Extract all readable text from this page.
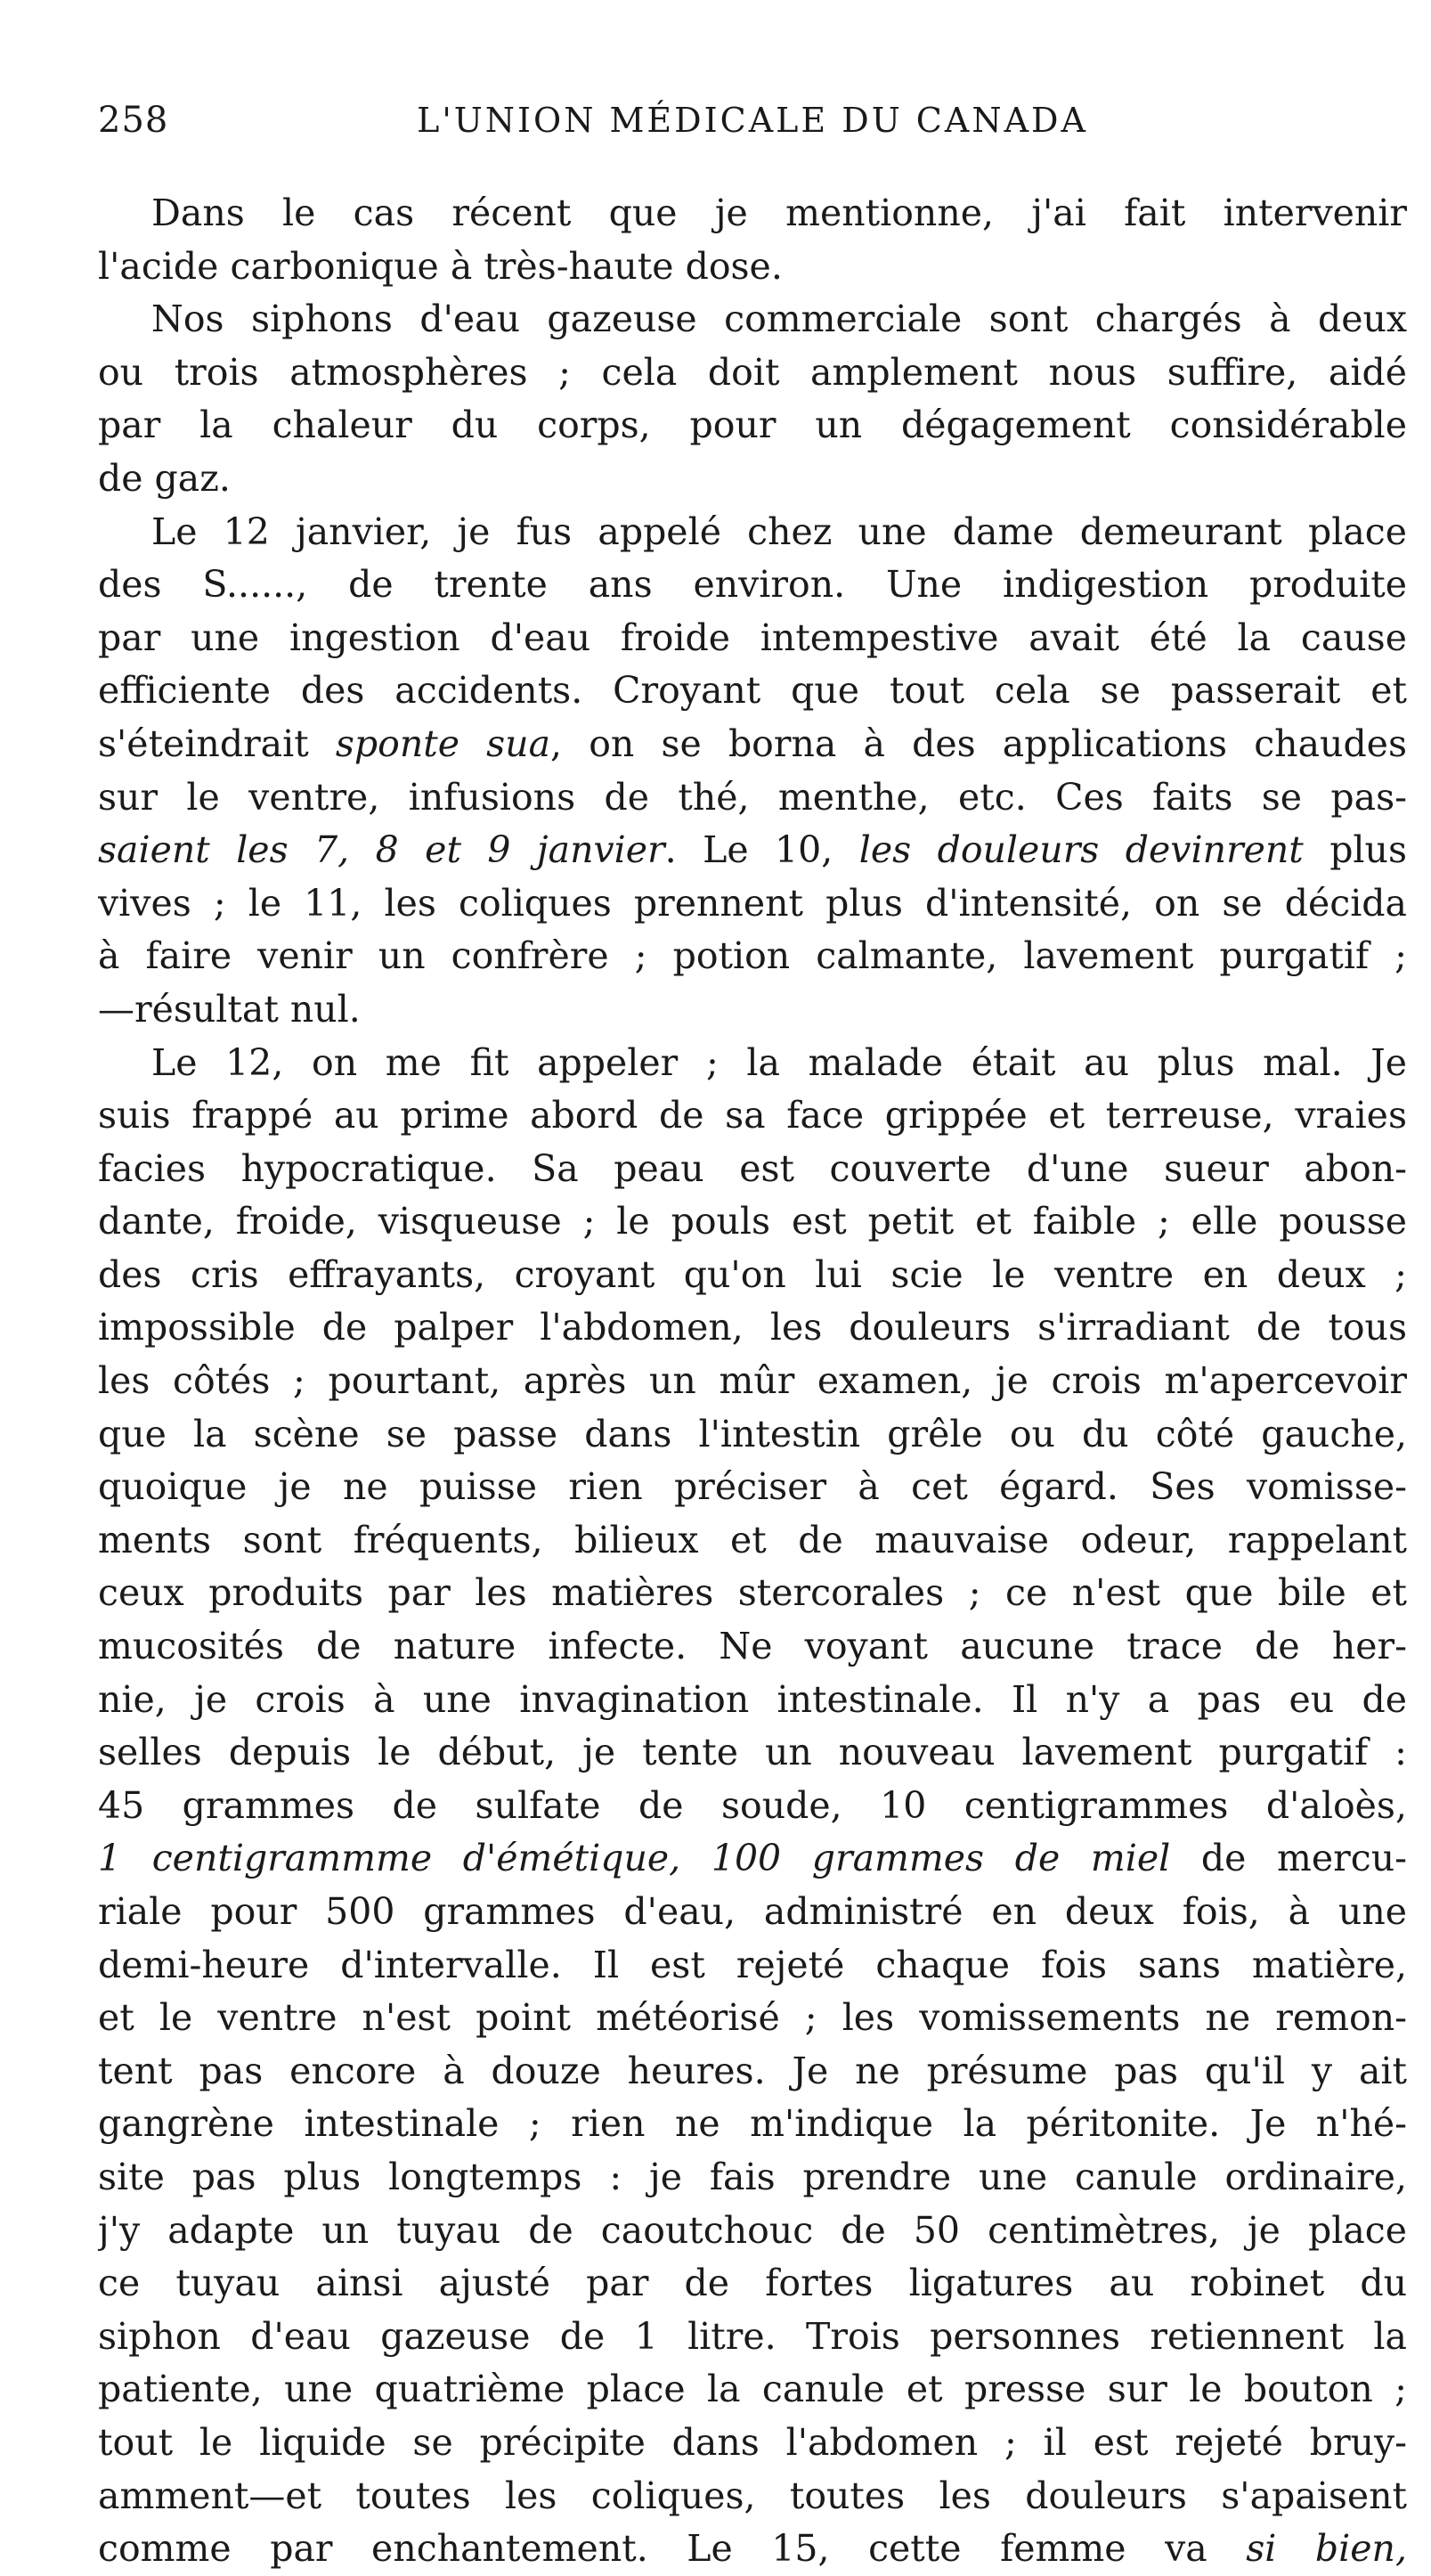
258	L'UNION MÉDICALE DU CANADA
Dans le cas récent que je mentionne, j'ai fait intervenir
l'acide carbonique à très-haute dose.
Nos siphons d'eau gazeuse commerciale sont chargés à deux
ou trois atmosphères ; cela doit amplement nous suffire, aidé
par la chaleur du corps, pour un dégagement considérable
de gaz.
Le 12 janvier, je fus appelé chez une dame demeurant place
des S......, de trente ans environ. Une indigestion produite
par une ingestion d'eau froide intempestive avait été la cause
efficiente des accidents. Croyant que tout cela se passerait et
s'éteindrait sponte sua, on se borna à des applications chaudes
sur le ventre, infusions de thé, menthe, etc. Ces faits se pas-
saient les 7, 8 et 9 janvier. Le 10, les douleurs devinrent plus
vives ; le 11, les coliques prennent plus d'intensité, on se décida
à faire venir un confrère ; potion calmante, lavement purgatif ;
—résultat nul.
Le 12, on me fit appeler ; la malade était au plus mal. Je
suis frappé au prime abord de sa face grippée et terreuse, vraies
facies hypocratique. Sa peau est couverte d'une sueur abon-
dante, froide, visqueuse ; le pouls est petit et faible ; elle pousse
des cris effrayants, croyant qu'on lui scie le ventre en deux ;
impossible de palper l'abdomen, les douleurs s'irradiant de tous
les côtés ; pourtant, après un mûr examen, je crois m'apercevoir
que la scène se passe dans l'intestin grêle ou du côté gauche,
quoique je ne puisse rien préciser à cet égard. Ses vomisse-
ments sont fréquents, bilieux et de mauvaise odeur, rappelant
ceux produits par les matières stercorales ; ce n'est que bile et
mucosités de nature infecte. Ne voyant aucune trace de her-
nie, je crois à une invagination intestinale. Il n'y a pas eu de
selles depuis le début, je tente un nouveau lavement purgatif :
45 grammes de sulfate de soude, 10 centigrammes d'aloès,
1 centigrammme d'émétique, 100 grammes de miel de mercu-
riale pour 500 grammes d'eau, administré en deux fois, à une
demi-heure d'intervalle. Il est rejeté chaque fois sans matière,
et le ventre n'est point météorisé ; les vomissements ne remon-
tent pas encore à douze heures. Je ne présume pas qu'il y ait
gangrène intestinale ; rien ne m'indique la péritonite. Je n'hé-
site pas plus longtemps : je fais prendre une canule ordinaire,
j'y adapte un tuyau de caoutchouc de 50 centimètres, je place
ce tuyau ainsi ajusté par de fortes ligatures au robinet du
siphon d'eau gazeuse de 1 litre. Trois personnes retiennent la
patiente, une quatrième place la canule et presse sur le bouton ;
tout le liquide se précipite dans l'abdomen ; il est rejeté bruy-
amment—et toutes les coliques, toutes les douleurs s'apaisent
comme par enchantement. Le 15, cette femme va si bien,
